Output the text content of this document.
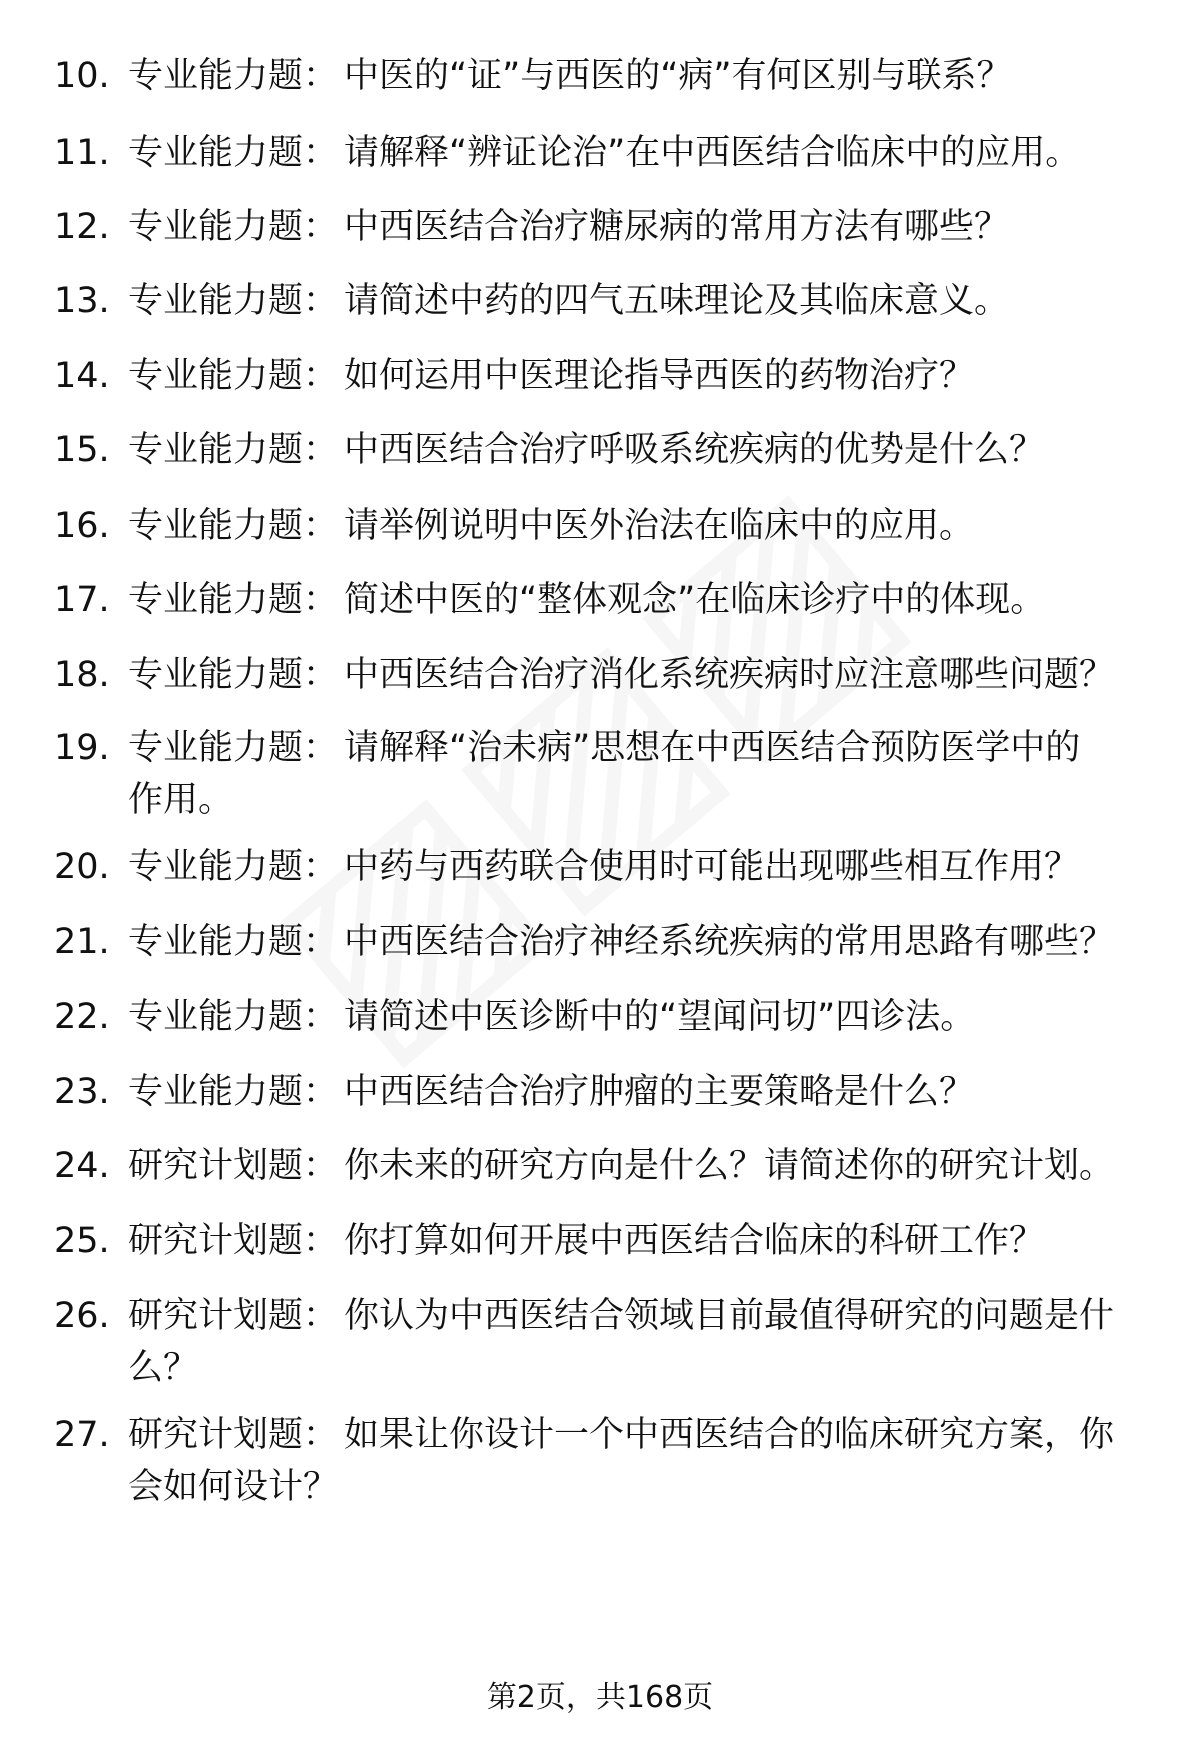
10. 专业能力题： 中医的“证”与西医的“病”有何区别与联系？
11. 专业能力题： 请解释“辨证论治”在中西医结合临床中的应用。
12. 专业能力题： 中西医结合治疗糖尿病的常用方法有哪些？
13. 专业能力题： 请简述中药的四气五味理论及其临床意义。
14. 专业能力题： 如何运用中医理论指导西医的药物治疗？
15. 专业能力题： 中西医结合治疗呼吸系统疾病的优势是什么？
16. 专业能力题： 请举例说明中医外治法在临床中的应用。
17. 专业能力题： 简述中医的“整体观念”在临床诊疗中的体现。
18. 专业能力题： 中西医结合治疗消化系统疾病时应注意哪些问题？
19. 专业能力题： 请解释“治未病”思想在中西医结合预防医学中的
作用。
20. 专业能力题： 中药与西药联合使用时可能出现哪些相互作用？
21. 专业能力题： 中西医结合治疗神经系统疾病的常用思路有哪些？
22. 专业能力题： 请简述中医诊断中的“望闻问切”四诊法。
23. 专业能力题： 中西医结合治疗肿瘤的主要策略是什么？
24. 研究计划题： 你未来的研究方向是什么？请简述你的研究计划。
25. 研究计划题： 你打算如何开展中西医结合临床的科研工作？
26. 研究计划题： 你认为中西医结合领域目前最值得研究的问题是什
么？
27. 研究计划题： 如果让你设计一个中西医结合的临床研究方案，你
会如何设计？
第2页，共168页
